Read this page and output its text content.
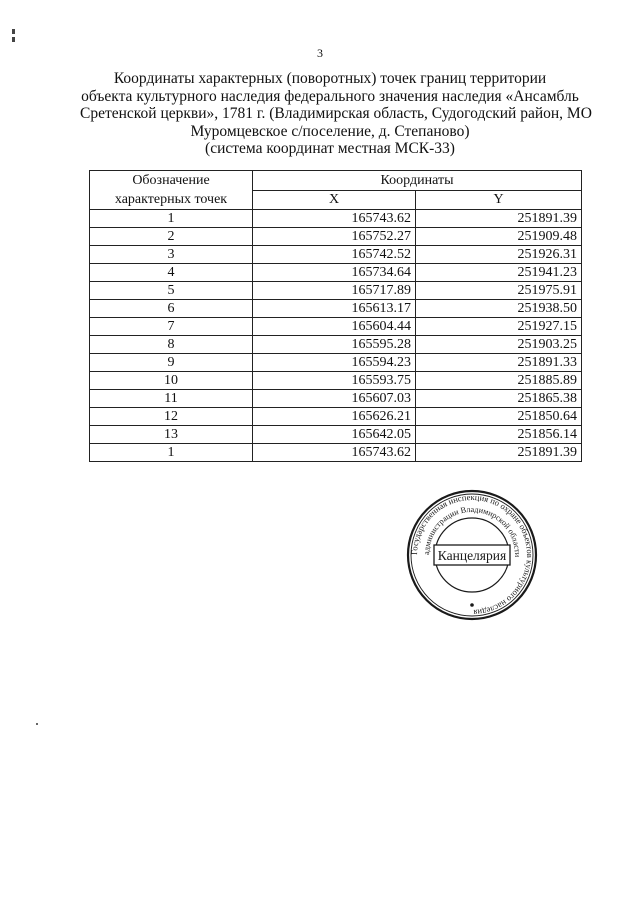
3
Координаты характерных (поворотных) точек границ территории
объекта культурного наследия федерального значения наследия «Ансамбль
Сретенской церкви», 1781 г. (Владимирская область, Судогодский район, МО
Муромцевское с/поселение, д. Степаново)
(система координат местная МСК-33)
Обозначение
характерных точек	Координаты	
	X	Y
1	165743.62	251891.39
2	165752.27	251909.48
3	165742.52	251926.31
4	165734.64	251941.23
5	165717.89	251975.91
6	165613.17	251938.50
7	165604.44	251927.15
8	165595.28	251903.25
9	165594.23	251891.33
10	165593.75	251885.89
11	165607.03	251865.38
12	165626.21	251850.64
13	165642.05	251856.14
1	165743.62	251891.39
Государственная инспекция по охране объектов культурного наследия
администрации Владимирской области
Канцелярия
